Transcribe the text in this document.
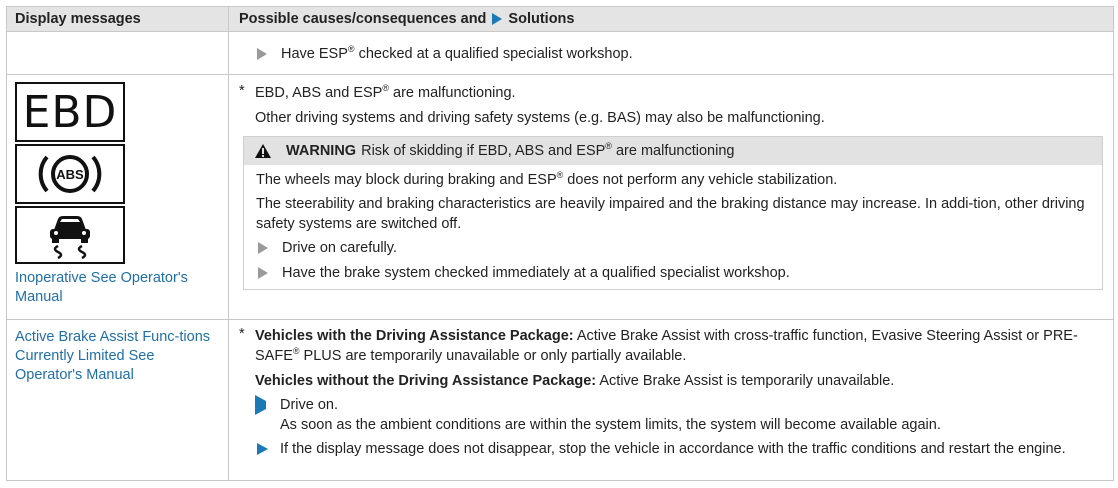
Display messages	Possible causes/consequences and Solutions
Have ESP® checked at a qualified specialist workshop.
EBD
ABS
Inoperative See Operator's Manual
* EBD, ABS and ESP® are malfunctioning.
Other driving systems and driving safety systems (e.g. BAS) may also be malfunctioning.
WARNING Risk of skidding if EBD, ABS and ESP® are malfunctioning
The wheels may block during braking and ESP® does not perform any vehicle stabilization.
The steerability and braking characteristics are heavily impaired and the braking distance may increase. In addi-tion, other driving safety systems are switched off.
Drive on carefully.
Have the brake system checked immediately at a qualified specialist workshop.
Active Brake Assist Func-tions Currently Limited See Operator's Manual
* Vehicles with the Driving Assistance Package: Active Brake Assist with cross-traffic function, Evasive Steering Assist or PRE-SAFE® PLUS are temporarily unavailable or only partially available.
Vehicles without the Driving Assistance Package: Active Brake Assist is temporarily unavailable.
Drive on.
As soon as the ambient conditions are within the system limits, the system will become available again.
If the display message does not disappear, stop the vehicle in accordance with the traffic conditions and restart the engine.
